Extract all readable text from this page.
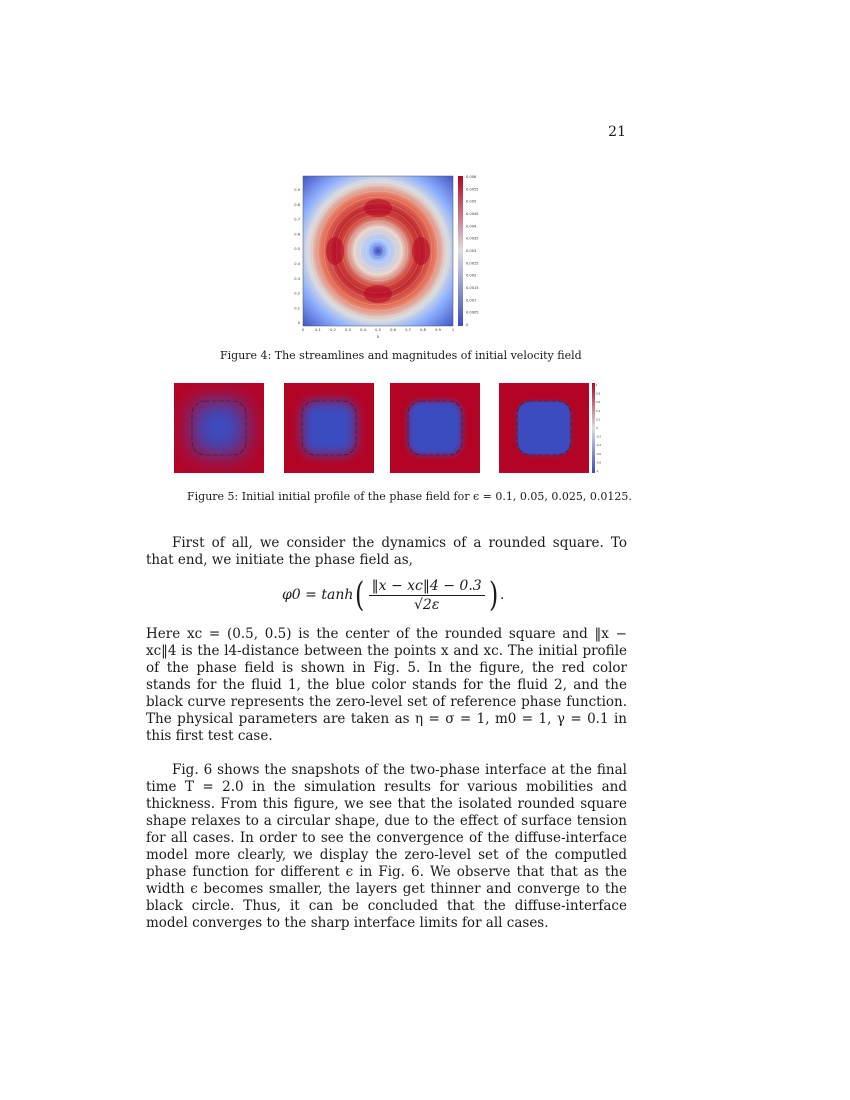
21
0.006
0.0055
0.005
0.0045
0.004
0.0035
0.003
0.0025
0.002
0.0015
0.001
0.0005
0
0.9
0.8
0.7
0.6
0.5
0.4
0.3
0.2
0.1
0
0	0.1	0.2	0.3	0.4	0.5	0.6	0.7	0.8	0.9	1
x
Figure 4: The streamlines and magnitudes of initial velocity field
1
0.8
0.6
0.4
0.2
0
-0.2
-0.4
-0.6
-0.8
-1
Figure 5: Initial initial profile of the phase field for ϵ = 0.1, 0.05, 0.025, 0.0125.
First of all, we consider the dynamics of a rounded square. To that end, we initiate the phase field as,
φ0 = tanh ( $\frac{‖x - xc‖4 - 0.3}{√2\varepsilon}$ ) .
Here xc = (0.5, 0.5) is the center of the rounded square and ‖x − xc‖4 is the l4-distance between the points x and xc. The initial profile of the phase field is shown in Fig. 5. In the figure, the red color stands for the fluid 1, the blue color stands for the fluid 2, and the black curve represents the zero-level set of reference phase function. The physical parameters are taken as η = σ = 1, m0 = 1, γ = 0.1 in this first test case.
Fig. 6 shows the snapshots of the two-phase interface at the final time T = 2.0 in the simulation results for various mobilities and thickness. From this figure, we see that the isolated rounded square shape relaxes to a circular shape, due to the effect of surface tension for all cases. In order to see the convergence of the diffuse-interface model more clearly, we display the zero-level set of the computled phase function for different ϵ in Fig. 6. We observe that that as the width ϵ becomes smaller, the layers get thinner and converge to the black circle. Thus, it can be concluded that the diffuse-interface model converges to the sharp interface limits for all cases.
